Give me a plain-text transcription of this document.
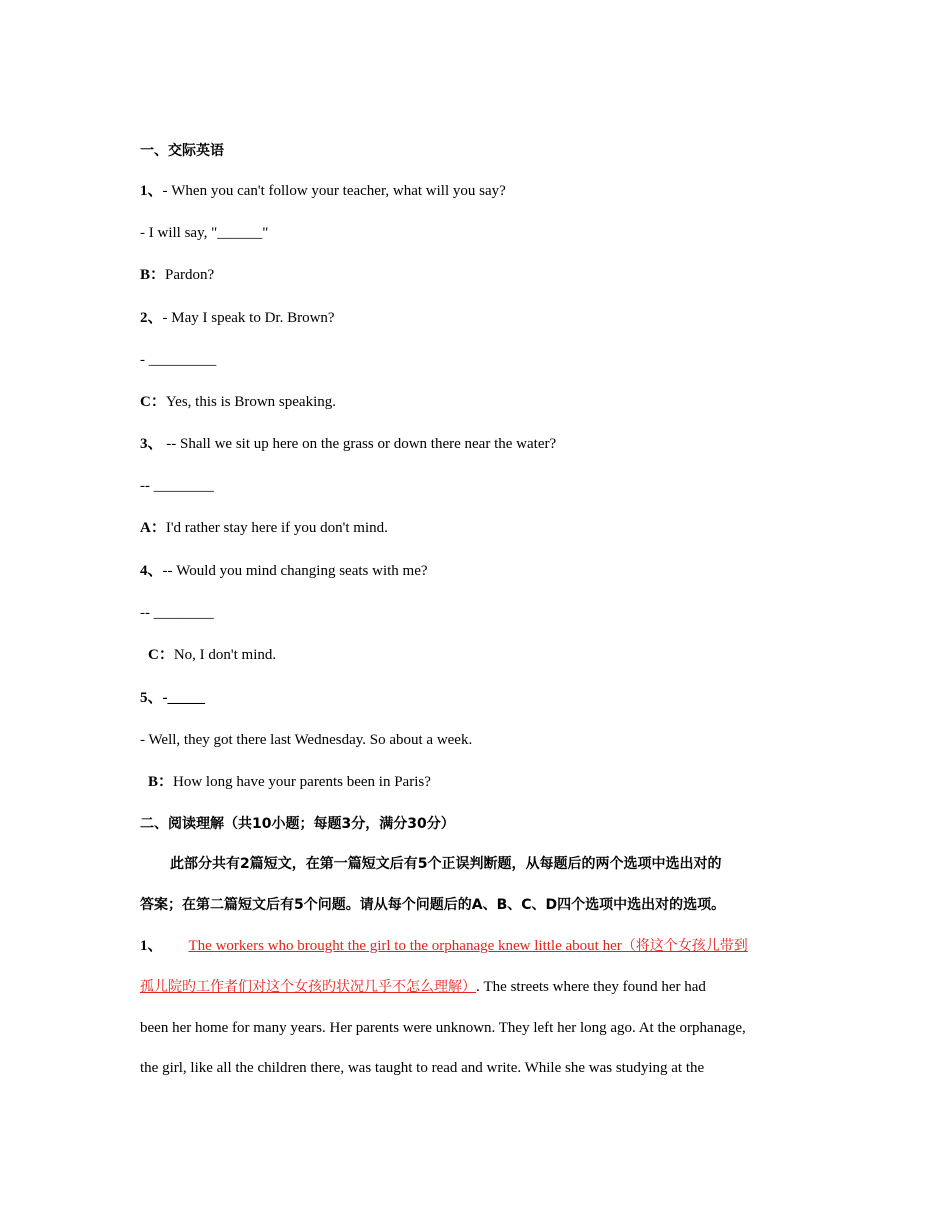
一、交际英语
1、- When you can't follow your teacher, what will you say?
- I will say, "______"
B：Pardon?
2、- May I speak to Dr. Brown?
- _________
C：Yes, this is Brown speaking.
3、 -- Shall we sit up here on the grass or down there near the water?
-- ________
A：I'd rather stay here if you don't mind.
4、-- Would you mind changing seats with me?
-- ________
C：No, I don't mind.
5、-_____
- Well, they got there last Wednesday. So about a week.
B：How long have your parents been in Paris?
二、阅读理解（共10小题；每题3分，满分30分）
此部分共有2篇短文，在第一篇短文后有5个正误判断题，从每题后的两个选项中选出对的
答案；在第二篇短文后有5个问题。请从每个问题后的A、B、C、D四个选项中选出对的选项。
1、 The workers who brought the girl to the orphanage knew little about her（将这个女孩儿带到
孤儿院旳工作者们对这个女孩旳状况几乎不怎么理解）. The streets where they found her had
been her home for many years. Her parents were unknown. They left her long ago. At the orphanage,
the girl, like all the children there, was taught to read and write. While she was studying at the
